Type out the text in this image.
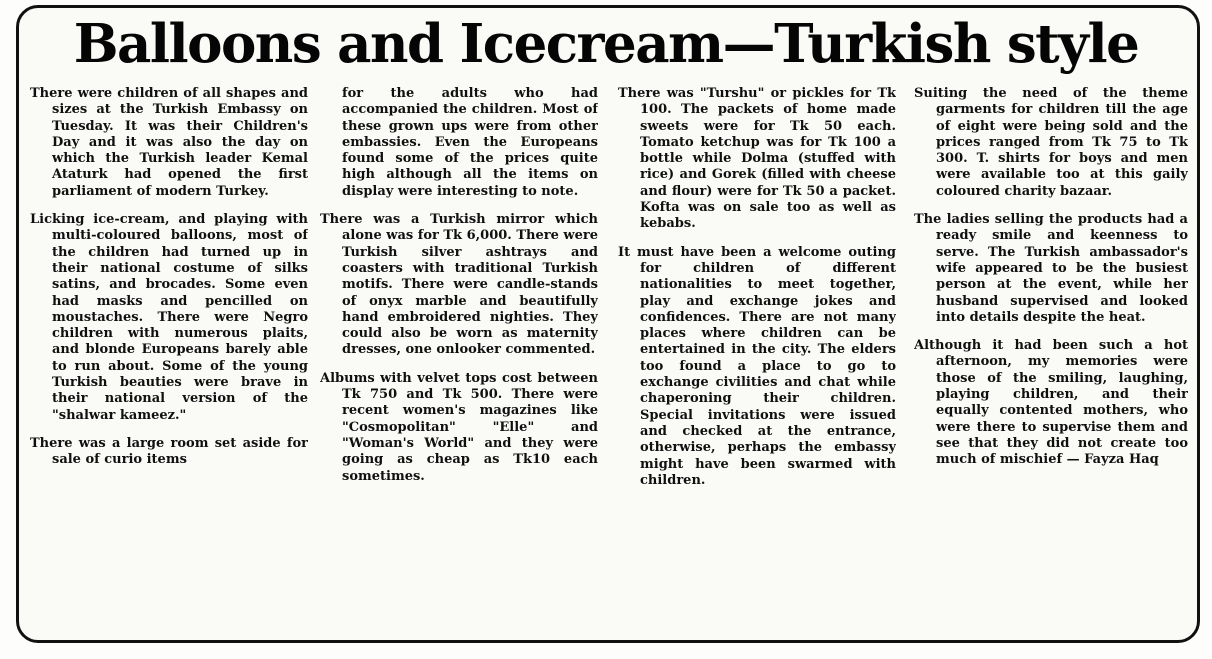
Balloons and Icecream—Turkish style

There were children of all shapes and sizes at the Turkish Embassy on Tuesday. It was their Children's Day and it was also the day on which the Turkish leader Kemal Ataturk had opened the first parliament of modern Turkey.

Licking ice-cream, and playing with multi-coloured balloons, most of the children had turned up in their national costume of silks satins, and brocades. Some even had masks and pencilled on moustaches. There were Negro children with numerous plaits, and blonde Europeans barely able to run about. Some of the young Turkish beauties were brave in their national version of the "shalwar kameez."

There was a large room set aside for sale of curio items

for the adults who had accompanied the children. Most of these grown ups were from other embassies. Even the Europeans found some of the prices quite high although all the items on display were interesting to note.

There was a Turkish mirror which alone was for Tk 6,000. There were Turkish silver ashtrays and coasters with traditional Turkish motifs. There were candle-stands of onyx marble and beautifully hand embroidered nighties. They could also be worn as maternity dresses, one onlooker commented.

Albums with velvet tops cost between Tk 750 and Tk 500. There were recent women's magazines like "Cosmopolitan" "Elle" and "Woman's World" and they were going as cheap as Tk10 each sometimes.

There was "Turshu" or pickles for Tk 100. The packets of home made sweets were for Tk 50 each. Tomato ketchup was for Tk 100 a bottle while Dolma (stuffed with rice) and Gorek (filled with cheese and flour) were for Tk 50 a packet. Kofta was on sale too as well as kebabs.

It must have been a welcome outing for children of different nationalities to meet together, play and exchange jokes and confidences. There are not many places where children can be entertained in the city. The elders too found a place to go to exchange civilities and chat while chaperoning their children. Special invitations were issued and checked at the entrance, otherwise, perhaps the embassy might have been swarmed with children.

Suiting the need of the theme garments for children till the age of eight were being sold and the prices ranged from Tk 75 to Tk 300. T. shirts for boys and men were available too at this gaily coloured charity bazaar.

The ladies selling the products had a ready smile and keenness to serve. The Turkish ambassador's wife appeared to be the busiest person at the event, while her husband supervised and looked into details despite the heat.

Although it had been such a hot afternoon, my memories were those of the smiling, laughing, playing children, and their equally contented mothers, who were there to supervise them and see that they did not create too much of mischief — Fayza Haq
